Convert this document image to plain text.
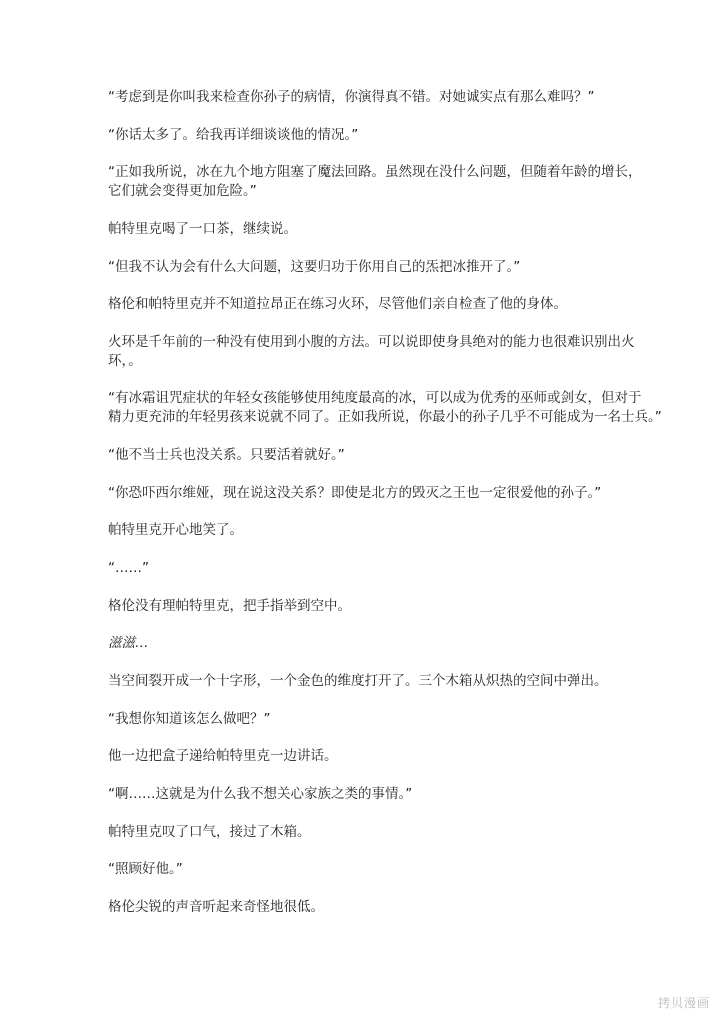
“考虑到是你叫我来检查你孙子的病情，你演得真不错。对她诚实点有那么难吗？”
“你话太多了。给我再详细谈谈他的情况。”
“正如我所说，冰在九个地方阻塞了魔法回路。虽然现在没什么问题，但随着年龄的增长，
它们就会变得更加危险。”
帕特里克喝了一口茶，继续说。
“但我不认为会有什么大问题，这要归功于你用自己的炁把冰推开了。”
格伦和帕特里克并不知道拉昂正在练习火环，尽管他们亲自检查了他的身体。
火环是千年前的一种没有使用到小腹的方法。可以说即使身具绝对的能力也很难识别出火
环，。
“有冰霜诅咒症状的年轻女孩能够使用纯度最高的冰，可以成为优秀的巫师或剑女，但对于
精力更充沛的年轻男孩来说就不同了。正如我所说，你最小的孙子几乎不可能成为一名士兵。”
“他不当士兵也没关系。只要活着就好。”
“你恐吓西尔维娅，现在说这没关系？即使是北方的毁灭之王也一定很爱他的孙子。”
帕特里克开心地笑了。
“……”
格伦没有理帕特里克，把手指举到空中。
滋滋…
当空间裂开成一个十字形，一个金色的维度打开了。三个木箱从炽热的空间中弹出。
“我想你知道该怎么做吧？”
他一边把盒子递给帕特里克一边讲话。
“啊……这就是为什么我不想关心家族之类的事情。”
帕特里克叹了口气，接过了木箱。
“照顾好他。”
格伦尖锐的声音听起来奇怪地很低。
拷贝漫画
